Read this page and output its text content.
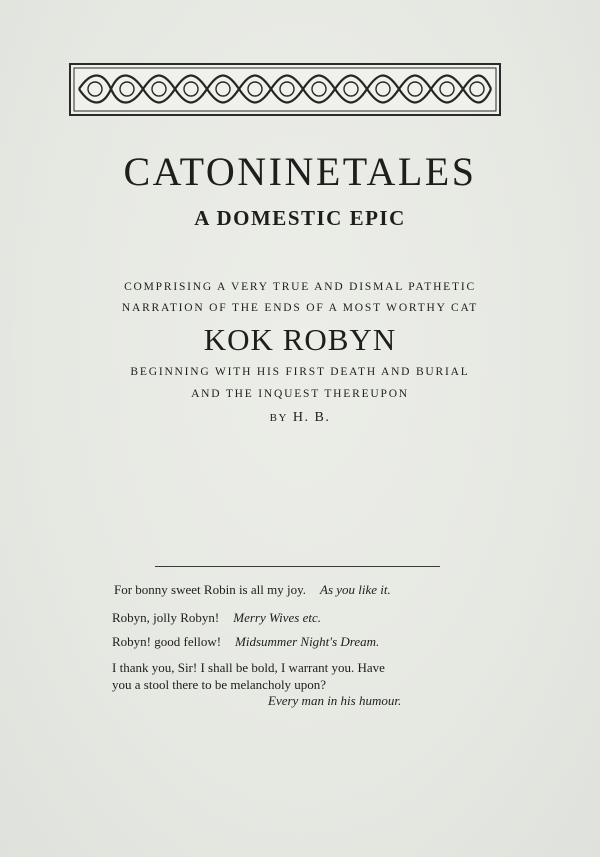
CATONINETALES
A DOMESTIC EPIC

COMPRISING A VERY TRUE AND DISMAL PATHETIC

NARRATION OF THE ENDS OF A MOST WORTHY CAT

KOK ROBYN

BEGINNING WITH HIS FIRST DEATH AND BURIAL

AND THE INQUEST THEREUPON

BY H. B.

For bonny sweet Robin is all my joy. As you like it.

Robyn, jolly Robyn! Merry Wives etc.

Robyn! good fellow! Midsummer Night's Dream.

I thank you, Sir! I shall be bold, I warrant you. Have

you a stool there to be melancholy upon?

Every man in his humour.
